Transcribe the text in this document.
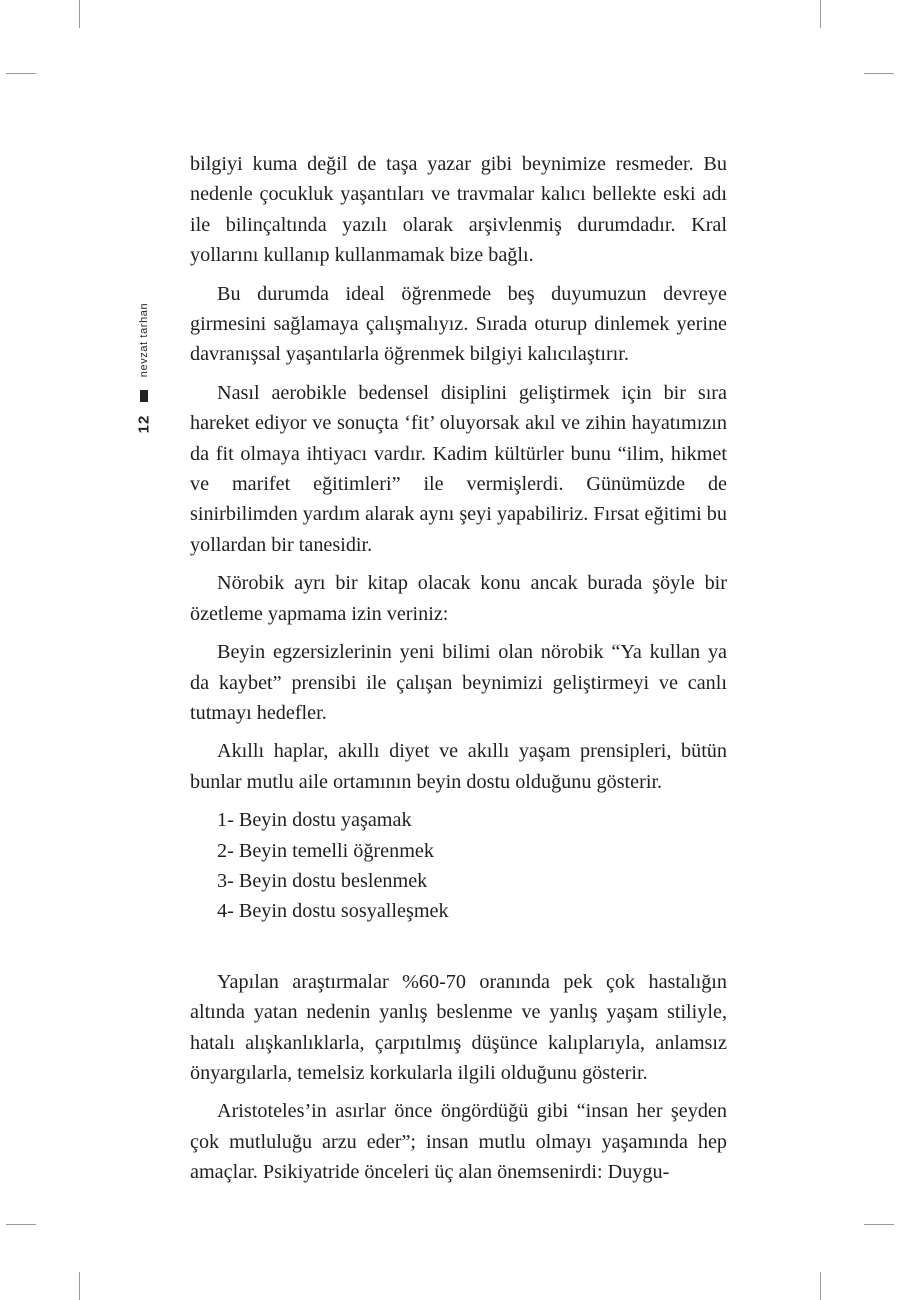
nevzat tarhan
12

bilgiyi kuma değil de taşa yazar gibi beynimize resmeder. Bu nedenle çocukluk yaşantıları ve travmalar kalıcı bellekte eski adı ile bilinçaltında yazılı olarak arşivlenmiş durumdadır. Kral yollarını kullanıp kullanmamak bize bağlı.

Bu durumda ideal öğrenmede beş duyumuzun devreye girmesini sağlamaya çalışmalıyız. Sırada oturup dinlemek yerine davranışsal yaşantılarla öğrenmek bilgiyi kalıcılaştırır.

Nasıl aerobikle bedensel disiplini geliştirmek için bir sıra hareket ediyor ve sonuçta ‘fit’ oluyorsak akıl ve zihin hayatımızın da fit olmaya ihtiyacı vardır. Kadim kültürler bunu “ilim, hikmet ve marifet eğitimleri” ile vermişlerdi. Günümüzde de sinirbilimden yardım alarak aynı şeyi yapabiliriz. Fırsat eğitimi bu yollardan bir tanesidir.

Nörobik ayrı bir kitap olacak konu ancak burada şöyle bir özetleme yapmama izin veriniz:

Beyin egzersizlerinin yeni bilimi olan nörobik “Ya kullan ya da kaybet” prensibi ile çalışan beynimizi geliştirmeyi ve canlı tutmayı hedefler.

Akıllı haplar, akıllı diyet ve akıllı yaşam prensipleri, bütün bunlar mutlu aile ortamının beyin dostu olduğunu gösterir.

1- Beyin dostu yaşamak
2- Beyin temelli öğrenmek
3- Beyin dostu beslenmek
4- Beyin dostu sosyalleşmek

Yapılan araştırmalar %60-70 oranında pek çok hastalığın altında yatan nedenin yanlış beslenme ve yanlış yaşam stiliyle, hatalı alışkanlıklarla, çarpıtılmış düşünce kalıplarıyla, anlamsız önyargılarla, temelsiz korkularla ilgili olduğunu gösterir.

Aristoteles’in asırlar önce öngördüğü gibi “insan her şeyden çok mutluluğu arzu eder”; insan mutlu olmayı yaşamında hep amaçlar. Psikiyatride önceleri üç alan önemsenirdi: Duygu-
